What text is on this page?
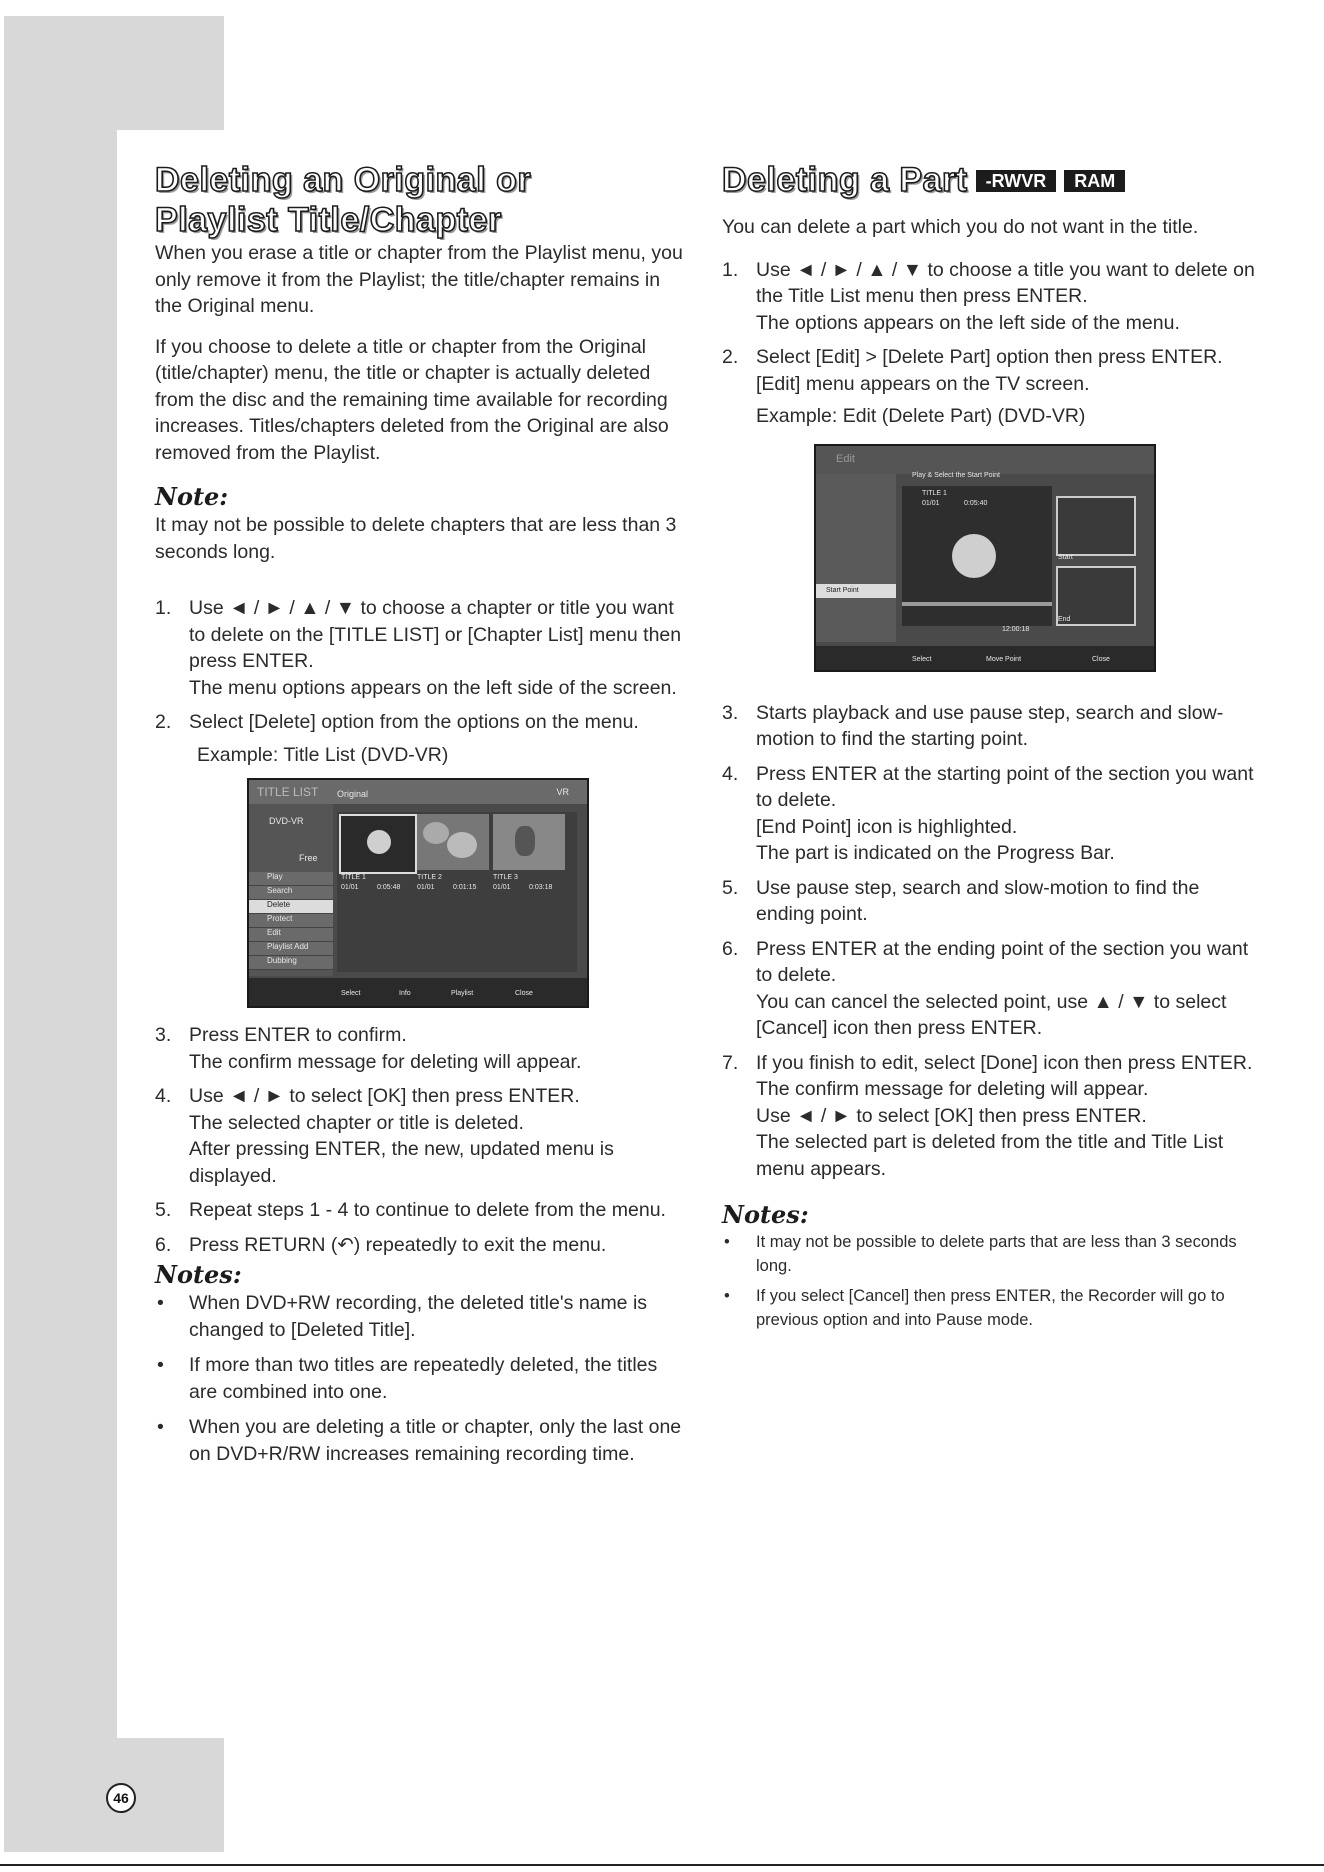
46
Deleting an Original or
Playlist Title/Chapter

When you erase a title or chapter from the Playlist menu, you only remove it from the Playlist; the title/chapter remains in the Original menu.

If you choose to delete a title or chapter from the Original (title/chapter) menu, the title or chapter is actually deleted from the disc and the remaining time available for recording increases. Titles/chapters deleted from the Original are also removed from the Playlist.

Note:

It may not be possible to delete chapters that are less than 3 seconds long.

1. Use ◄ / ► / ▲ / ▼ to choose a chapter or title you want to delete on the [TITLE LIST] or [Chapter List] menu then press ENTER.
The menu options appears on the left side of the screen.
2. Select [Delete] option from the options on the menu.
Example: Title List (DVD-VR)
TITLE LIST Original	VR
DVD-VR
Free
Play
Search
Delete
Protect
Edit
Playlist Add
Dubbing
TITLE 1
01/01	0:05:48
TITLE 2
01/01	0:01:15
TITLE 3
01/01	0:03:18
Select	Info	Playlist	Close
3. Press ENTER to confirm.
The confirm message for deleting will appear.
4. Use ◄ / ► to select [OK] then press ENTER.
The selected chapter or title is deleted.
After pressing ENTER, the new, updated menu is displayed.
5. Repeat steps 1 - 4 to continue to delete from the menu.
6. Press RETURN (↶) repeatedly to exit the menu.
Notes:
• When DVD+RW recording, the deleted title's name is changed to [Deleted Title].
• If more than two titles are repeatedly deleted, the titles are combined into one.
• When you are deleting a title or chapter, only the last one on DVD+R/RW increases remaining recording time.
Deleting a Part -RWVR RAM

You can delete a part which you do not want in the title.

1. Use ◄ / ► / ▲ / ▼ to choose a title you want to delete on the Title List menu then press ENTER.
The options appears on the left side of the menu.
2. Select [Edit] > [Delete Part] option then press ENTER.
[Edit] menu appears on the TV screen.
Example: Edit (Delete Part) (DVD-VR)
Edit
Play & Select the Start Point
Start Point
TITLE 1
01/01	0:05:40
12:00:18
Start
End
Select	Move Point	Close
3. Starts playback and use pause step, search and slow-motion to find the starting point.
4. Press ENTER at the starting point of the section you want to delete.
[End Point] icon is highlighted.
The part is indicated on the Progress Bar.
5. Use pause step, search and slow-motion to find the ending point.
6. Press ENTER at the ending point of the section you want to delete.
You can cancel the selected point, use ▲ / ▼ to select [Cancel] icon then press ENTER.
7. If you finish to edit, select [Done] icon then press ENTER.
The confirm message for deleting will appear.
Use ◄ / ► to select [OK] then press ENTER.
The selected part is deleted from the title and Title List menu appears.
Notes:
• It may not be possible to delete parts that are less than 3 seconds long.
• If you select [Cancel] then press ENTER, the Recorder will go to previous option and into Pause mode.
